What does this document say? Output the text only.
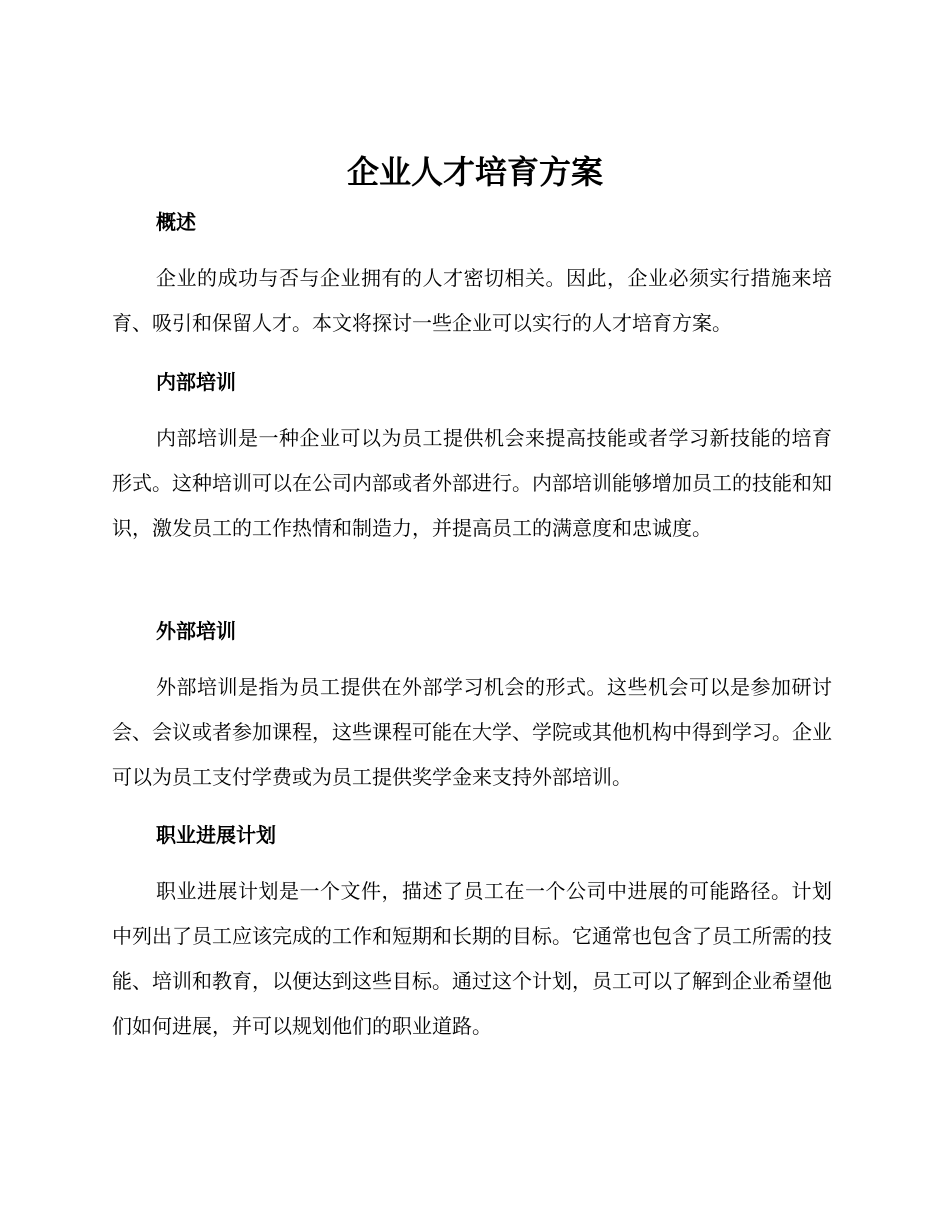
企业人才培育方案
概述

企业的成功与否与企业拥有的人才密切相关。因此，企业必须实行措施来培育、吸引和保留人才。本文将探讨一些企业可以实行的人才培育方案。

内部培训

内部培训是一种企业可以为员工提供机会来提高技能或者学习新技能的培育形式。这种培训可以在公司内部或者外部进行。内部培训能够增加员工的技能和知识，激发员工的工作热情和制造力，并提高员工的满意度和忠诚度。

外部培训

外部培训是指为员工提供在外部学习机会的形式。这些机会可以是参加研讨会、会议或者参加课程，这些课程可能在大学、学院或其他机构中得到学习。企业可以为员工支付学费或为员工提供奖学金来支持外部培训。

职业进展计划

职业进展计划是一个文件，描述了员工在一个公司中进展的可能路径。计划中列出了员工应该完成的工作和短期和长期的目标。它通常也包含了员工所需的技能、培训和教育，以便达到这些目标。通过这个计划，员工可以了解到企业希望他们如何进展，并可以规划他们的职业道路。
